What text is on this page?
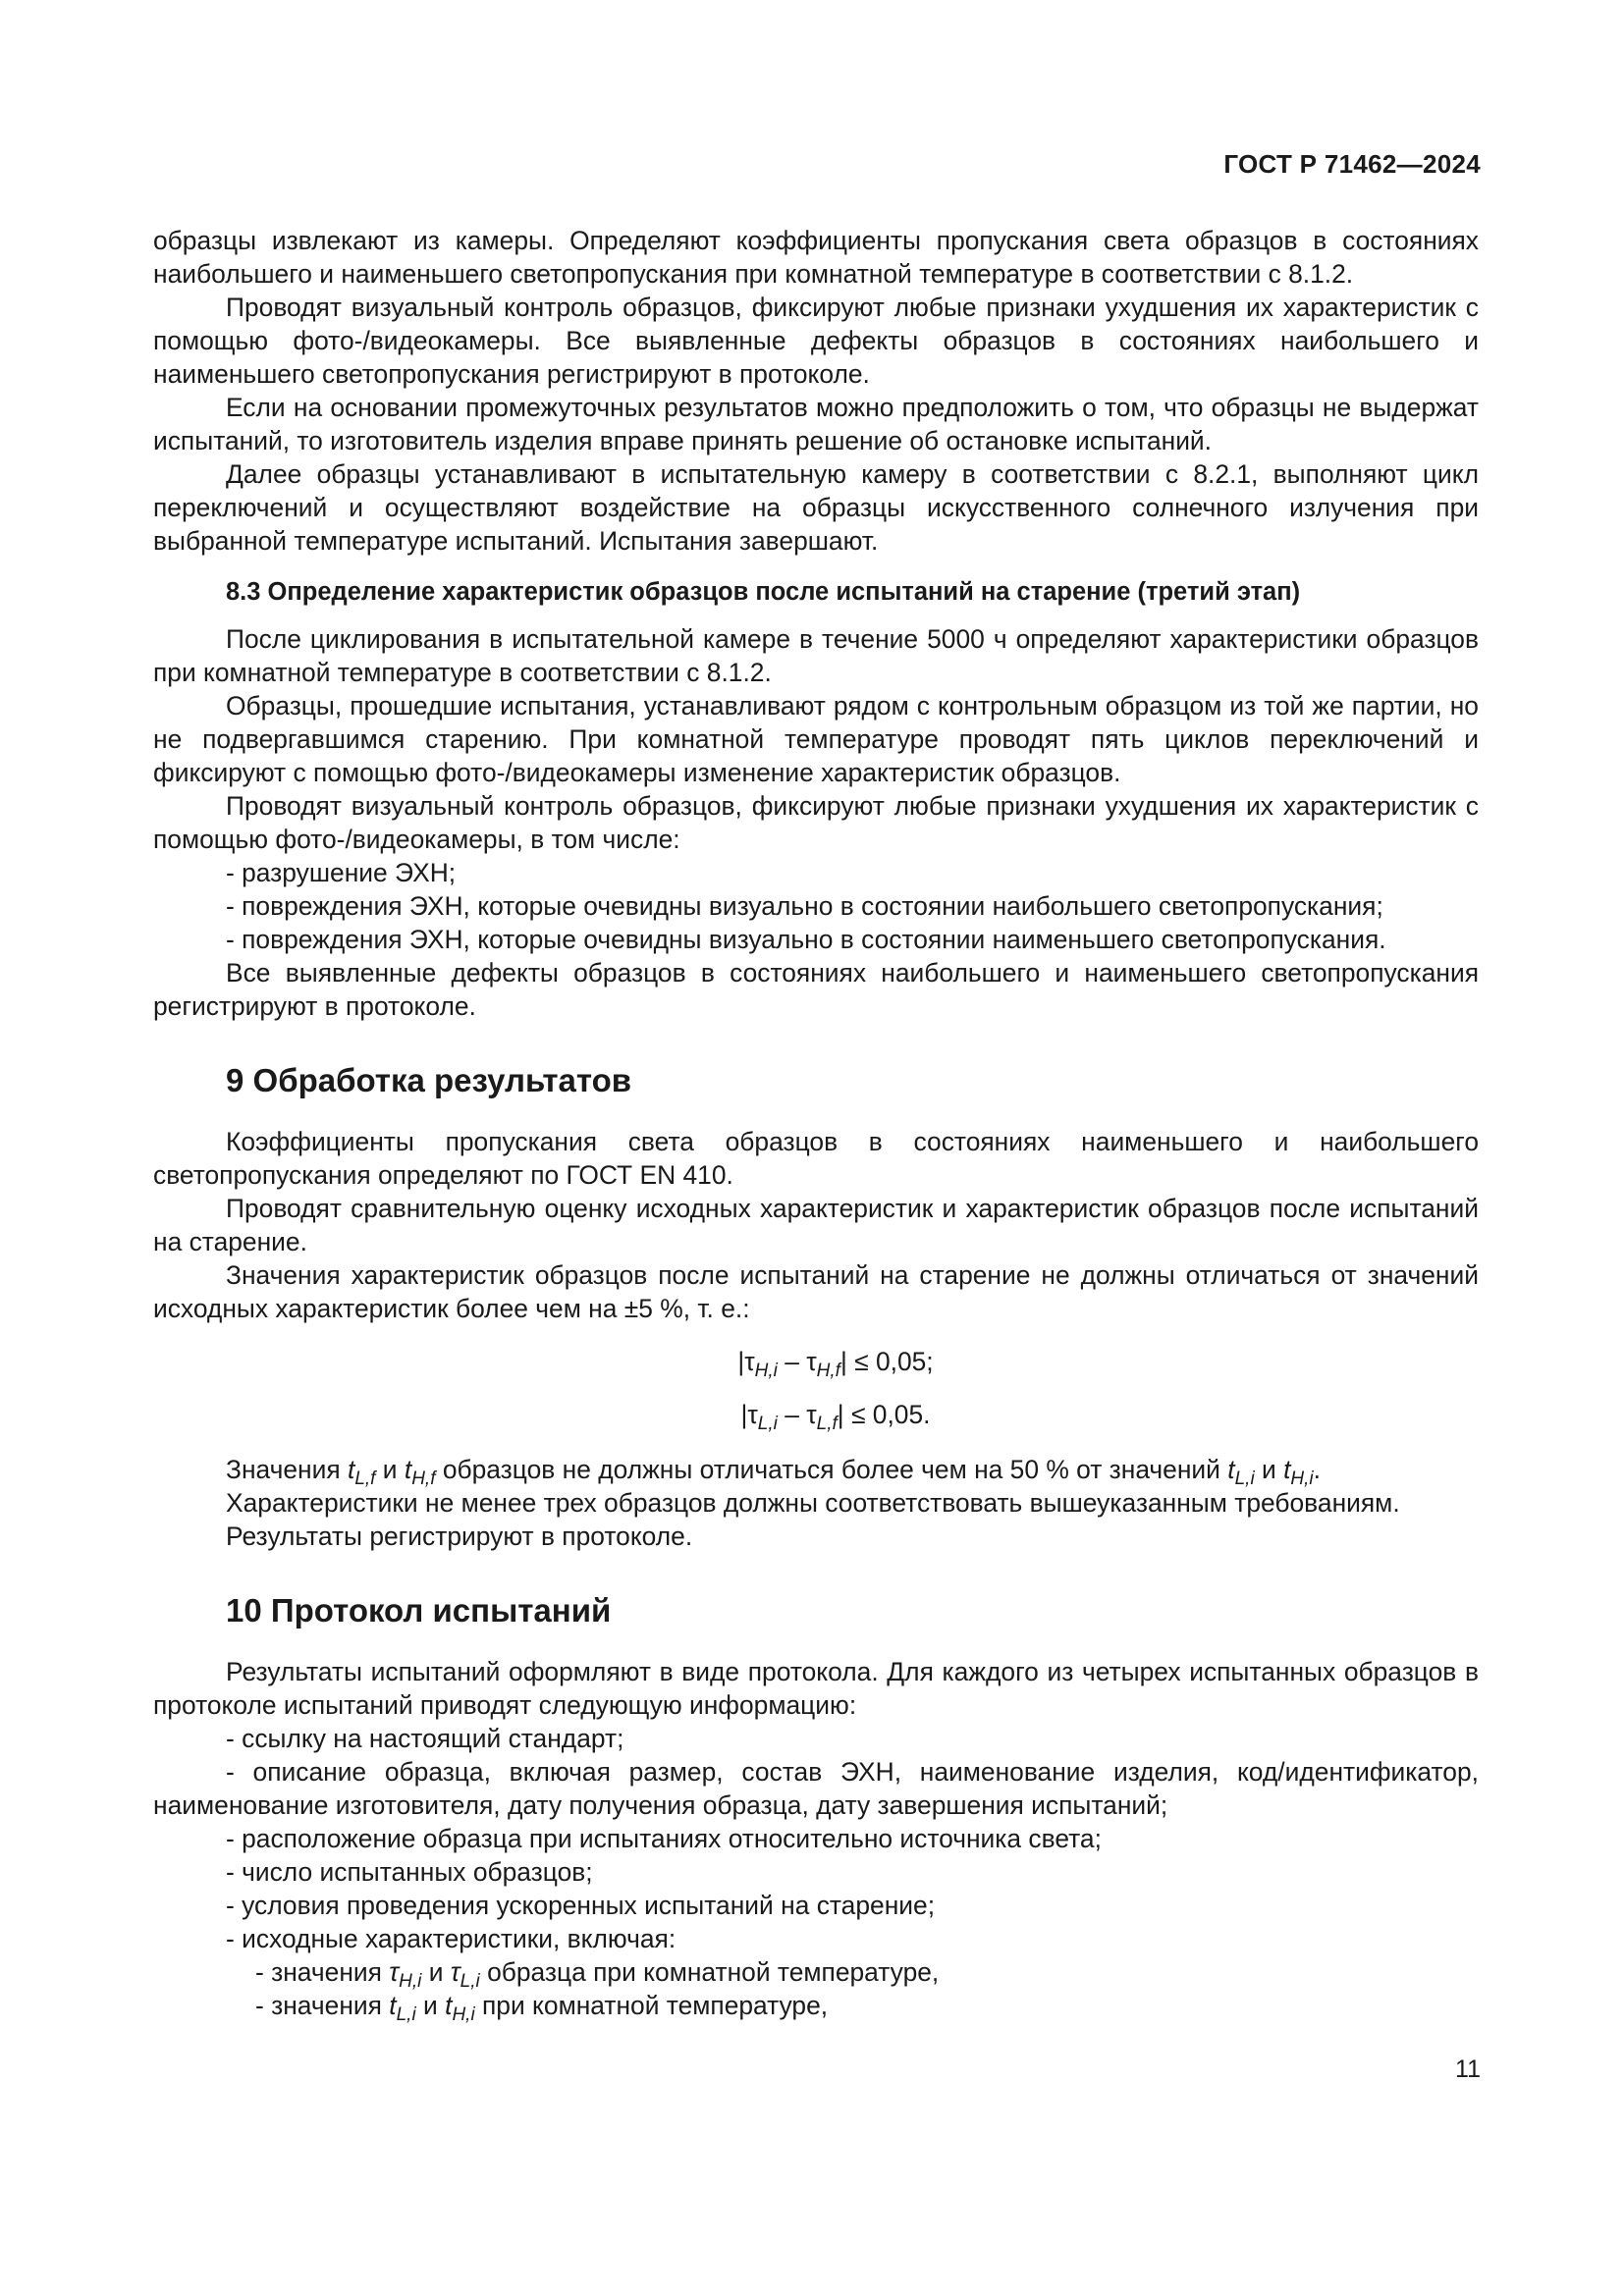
ГОСТ Р 71462—2024

образцы извлекают из камеры. Определяют коэффициенты пропускания света образцов в состояниях наибольшего и наименьшего светопропускания при комнатной температуре в соответствии с 8.1.2.

Проводят визуальный контроль образцов, фиксируют любые признаки ухудшения их характеристик с помощью фото-/видеокамеры. Все выявленные дефекты образцов в состояниях наибольшего и наименьшего светопропускания регистрируют в протоколе.

Если на основании промежуточных результатов можно предположить о том, что образцы не выдержат испытаний, то изготовитель изделия вправе принять решение об остановке испытаний.

Далее образцы устанавливают в испытательную камеру в соответствии с 8.2.1, выполняют цикл переключений и осуществляют воздействие на образцы искусственного солнечного излучения при выбранной температуре испытаний. Испытания завершают.

8.3 Определение характеристик образцов после испытаний на старение (третий этап)

После циклирования в испытательной камере в течение 5000 ч определяют характеристики образцов при комнатной температуре в соответствии с 8.1.2.

Образцы, прошедшие испытания, устанавливают рядом с контрольным образцом из той же партии, но не подвергавшимся старению. При комнатной температуре проводят пять циклов переключений и фиксируют с помощью фото-/видеокамеры изменение характеристик образцов.

Проводят визуальный контроль образцов, фиксируют любые признаки ухудшения их характеристик с помощью фото-/видеокамеры, в том числе:

- разрушение ЭХН;

- повреждения ЭХН, которые очевидны визуально в состоянии наибольшего светопропускания;

- повреждения ЭХН, которые очевидны визуально в состоянии наименьшего светопропускания.

Все выявленные дефекты образцов в состояниях наибольшего и наименьшего светопропускания регистрируют в протоколе.

9 Обработка результатов

Коэффициенты пропускания света образцов в состояниях наименьшего и наибольшего светопропускания определяют по ГОСТ EN 410.

Проводят сравнительную оценку исходных характеристик и характеристик образцов после испытаний на старение.

Значения характеристик образцов после испытаний на старение не должны отличаться от значений исходных характеристик более чем на ±5 %, т. е.:

$|\tau_{H,i} - \tau_{H,f}| \le 0,05$;
$|\tau_{L,i} - \tau_{L,f}| \le 0,05$.

Значения $t_{L,f}$ и $t_{H,f}$ образцов не должны отличаться более чем на 50 % от значений $t_{L,i}$ и $t_{H,i}$.

Характеристики не менее трех образцов должны соответствовать вышеуказанным требованиям.

Результаты регистрируют в протоколе.

10 Протокол испытаний

Результаты испытаний оформляют в виде протокола. Для каждого из четырех испытанных образцов в протоколе испытаний приводят следующую информацию:

- ссылку на настоящий стандарт;

- описание образца, включая размер, состав ЭХН, наименование изделия, код/идентификатор, наименование изготовителя, дату получения образца, дату завершения испытаний;

- расположение образца при испытаниях относительно источника света;

- число испытанных образцов;

- условия проведения ускоренных испытаний на старение;

- исходные характеристики, включая:

- значения $\tau_{H,i}$ и $\tau_{L,i}$ образца при комнатной температуре,

- значения $t_{L,i}$ и $t_{H,i}$ при комнатной температуре,

11
